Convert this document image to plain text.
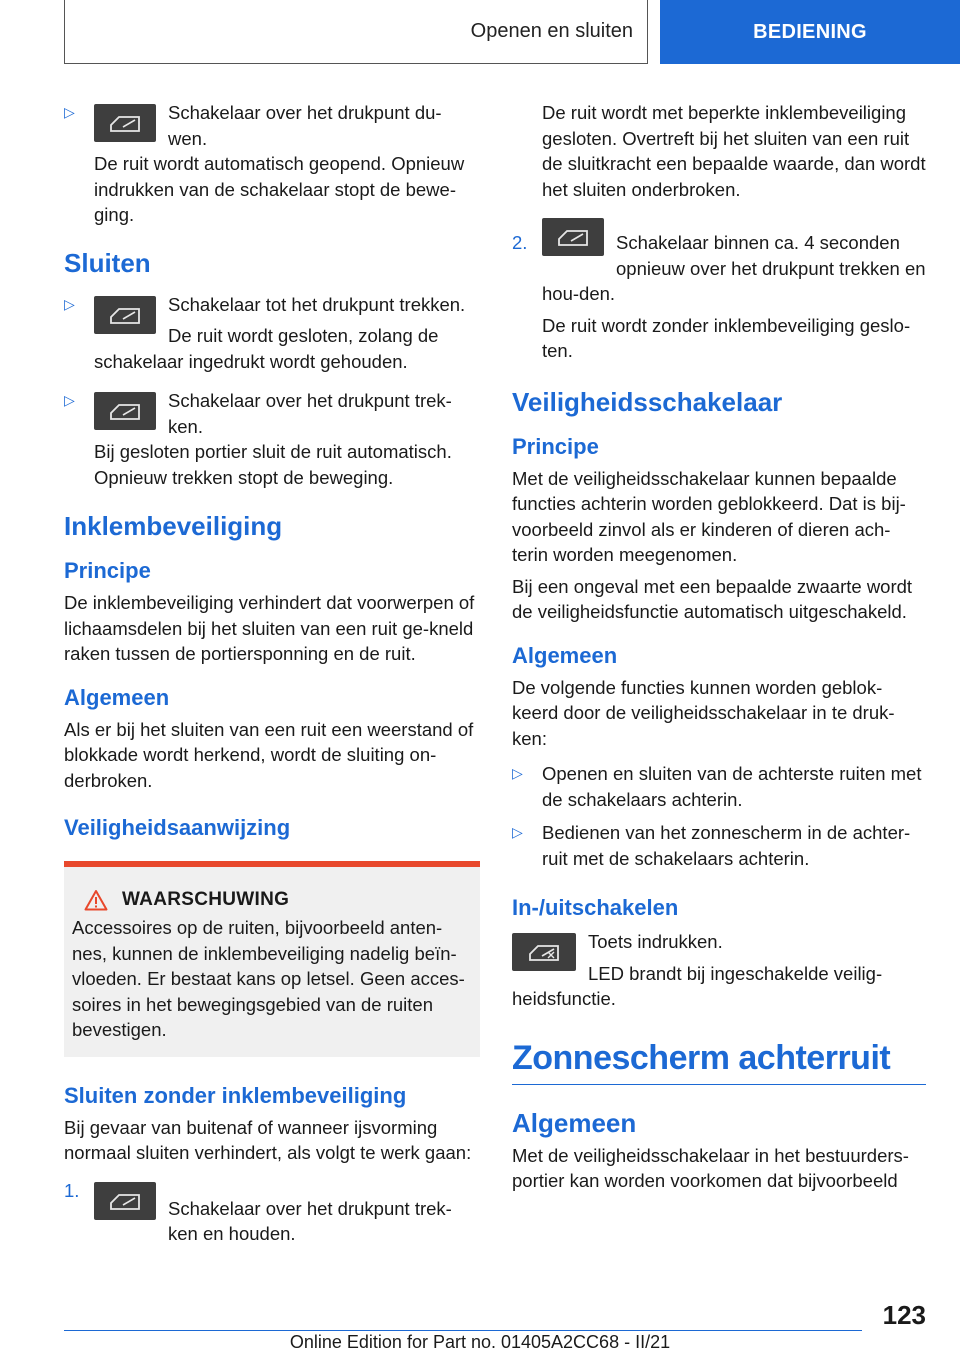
Openen en sluiten	BEDIENING
▷	Schakelaar over het drukpunt du-wen.

De ruit wordt automatisch geopend. Opnieuw indrukken van de schakelaar stopt de bewe-ging.

Sluiten
▷	Schakelaar tot het drukpunt trekken.

De ruit wordt gesloten, zolang de schakelaar ingedrukt wordt gehouden.

▷	Schakelaar over het drukpunt trek-ken.

Bij gesloten portier sluit de ruit automatisch. Opnieuw trekken stopt de beweging.

Inklembeveiliging
Principe

De inklembeveiliging verhindert dat voorwerpen of lichaamsdelen bij het sluiten van een ruit ge-kneld raken tussen de portiersponning en de ruit.

Algemeen

Als er bij het sluiten van een ruit een weerstand of blokkade wordt herkend, wordt de sluiting on-derbroken.

Veiligheidsaanwijzing
WAARSCHUWING

Accessoires op de ruiten, bijvoorbeeld anten-nes, kunnen de inklembeveiliging nadelig beïn-vloeden. Er bestaat kans op letsel. Geen acces-soires in het bewegingsgebied van de ruiten bevestigen.

Sluiten zonder inklembeveiliging

Bij gevaar van buitenaf of wanneer ijsvorming normaal sluiten verhindert, als volgt te werk gaan:

1.

Schakelaar over het drukpunt trek-ken en houden.

De ruit wordt met beperkte inklembeveiliging gesloten. Overtreft bij het sluiten van een ruit de sluitkracht een bepaalde waarde, dan wordt het sluiten onderbroken.

2.	Schakelaar binnen ca. 4 seconden opnieuw over het drukpunt trekken en hou-den.

De ruit wordt zonder inklembeveiliging geslo-ten.

Veiligheidsschakelaar
Principe

Met de veiligheidsschakelaar kunnen bepaalde functies achterin worden geblokkeerd. Dat is bij-voorbeeld zinvol als er kinderen of dieren ach-terin worden meegenomen.

Bij een ongeval met een bepaalde zwaarte wordt de veiligheidsfunctie automatisch uitgeschakeld.

Algemeen

De volgende functies kunnen worden geblok-keerd door de veiligheidsschakelaar in te druk-ken:

▷ Openen en sluiten van de achterste ruiten met de schakelaars achterin.

▷ Bedienen van het zonnescherm in de achter-ruit met de schakelaars achterin.

In-/uitschakelen

Toets indrukken.

LED brandt bij ingeschakelde veilig-heidsfunctie.

Zonnescherm achterruit
Algemeen

Met de veiligheidsschakelaar in het bestuurders-portier kan worden voorkomen dat bijvoorbeeld

123
Online Edition for Part no. 01405A2CC68 - II/21
